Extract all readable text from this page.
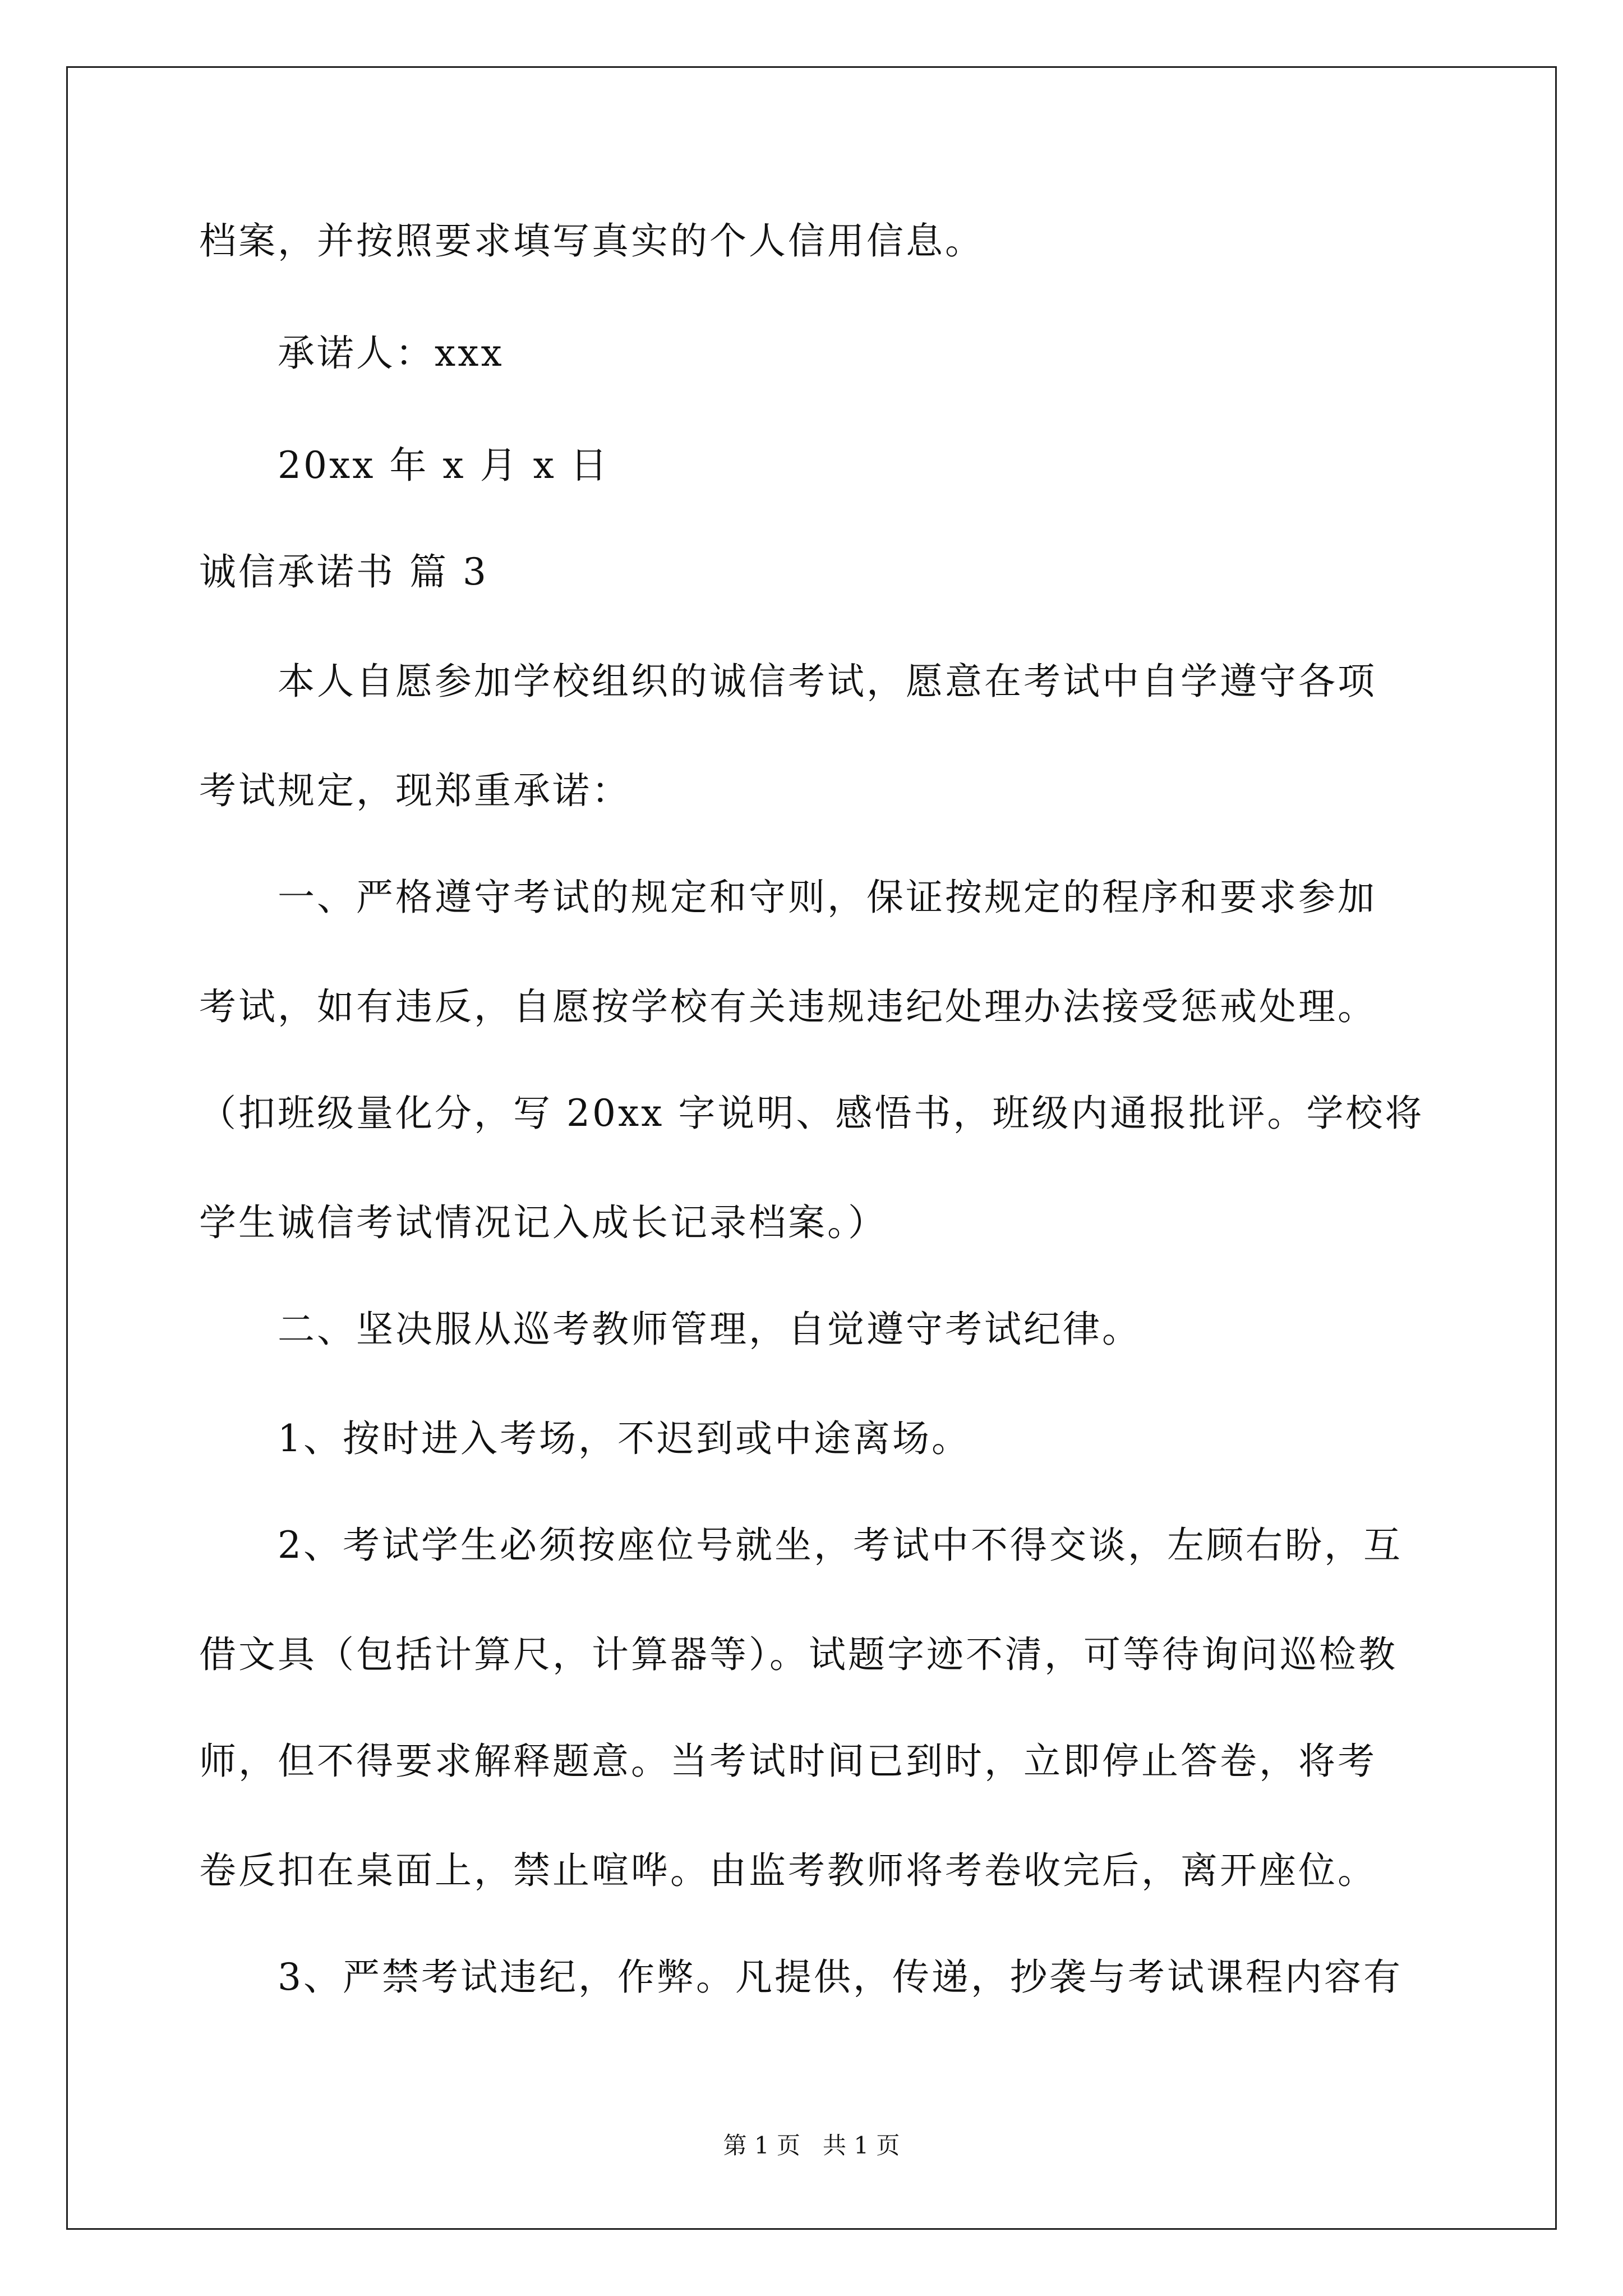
档案，并按照要求填写真实的个人信用信息。
承诺人：xxx
20xx 年 x 月 x 日
诚信承诺书 篇 3
本人自愿参加学校组织的诚信考试，愿意在考试中自学遵守各项
考试规定，现郑重承诺：
一、严格遵守考试的规定和守则，保证按规定的程序和要求参加
考试，如有违反，自愿按学校有关违规违纪处理办法接受惩戒处理。
（扣班级量化分，写 20xx 字说明、感悟书，班级内通报批评。学校将
学生诚信考试情况记入成长记录档案。）
二、坚决服从巡考教师管理，自觉遵守考试纪律。
1、按时进入考场，不迟到或中途离场。
2、考试学生必须按座位号就坐，考试中不得交谈，左顾右盼，互
借文具（包括计算尺，计算器等）。试题字迹不清，可等待询问巡检教
师，但不得要求解释题意。当考试时间已到时，立即停止答卷，将考
卷反扣在桌面上，禁止喧哗。由监考教师将考卷收完后，离开座位。
3、严禁考试违纪，作弊。凡提供，传递，抄袭与考试课程内容有
第 1 页 共 1 页
